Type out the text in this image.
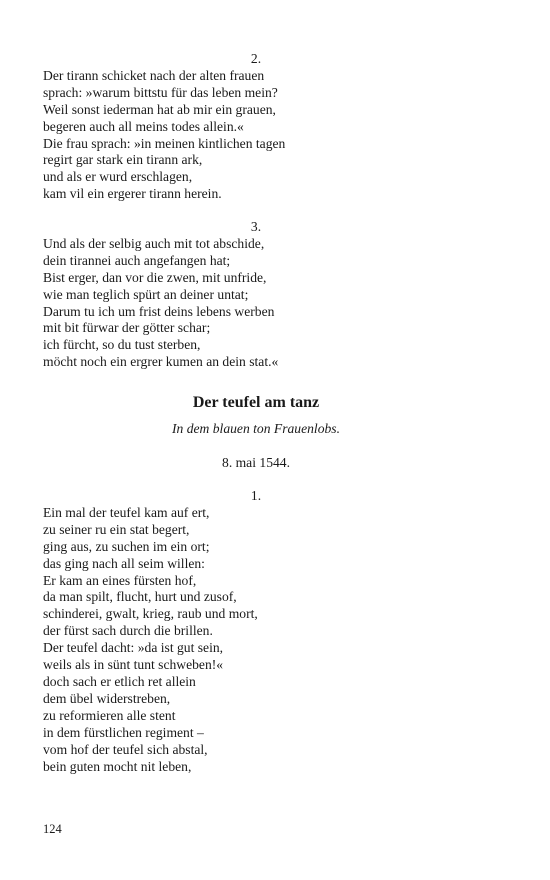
2.
Der tirann schicket nach der alten frauen
sprach: »warum bittstu für das leben mein?
Weil sonst iederman hat ab mir ein grauen,
begeren auch all meins todes allein.«
Die frau sprach: »in meinen kintlichen tagen
regirt gar stark ein tirann ark,
und als er wurd erschlagen,
kam vil ein ergerer tirann herein.
3.
Und als der selbig auch mit tot abschide,
dein tirannei auch angefangen hat;
Bist erger, dan vor die zwen, mit unfride,
wie man teglich spürt an deiner untat;
Darum tu ich um frist deins lebens werben
mit bit fürwar der götter schar;
ich fürcht, so du tust sterben,
möcht noch ein ergrer kumen an dein stat.«
Der teufel am tanz
In dem blauen ton Frauenlobs.
8. mai 1544.
1.
Ein mal der teufel kam auf ert,
zu seiner ru ein stat begert,
ging aus, zu suchen im ein ort;
das ging nach all seim willen:
Er kam an eines fürsten hof,
da man spilt, flucht, hurt und zusof,
schinderei, gwalt, krieg, raub und mort,
der fürst sach durch die brillen.
Der teufel dacht: »da ist gut sein,
weils als in sünt tunt schweben!«
doch sach er etlich ret allein
dem übel widerstreben,
zu reformieren alle stent
in dem fürstlichen regiment –
vom hof der teufel sich abstal,
bein guten mocht nit leben,
124
